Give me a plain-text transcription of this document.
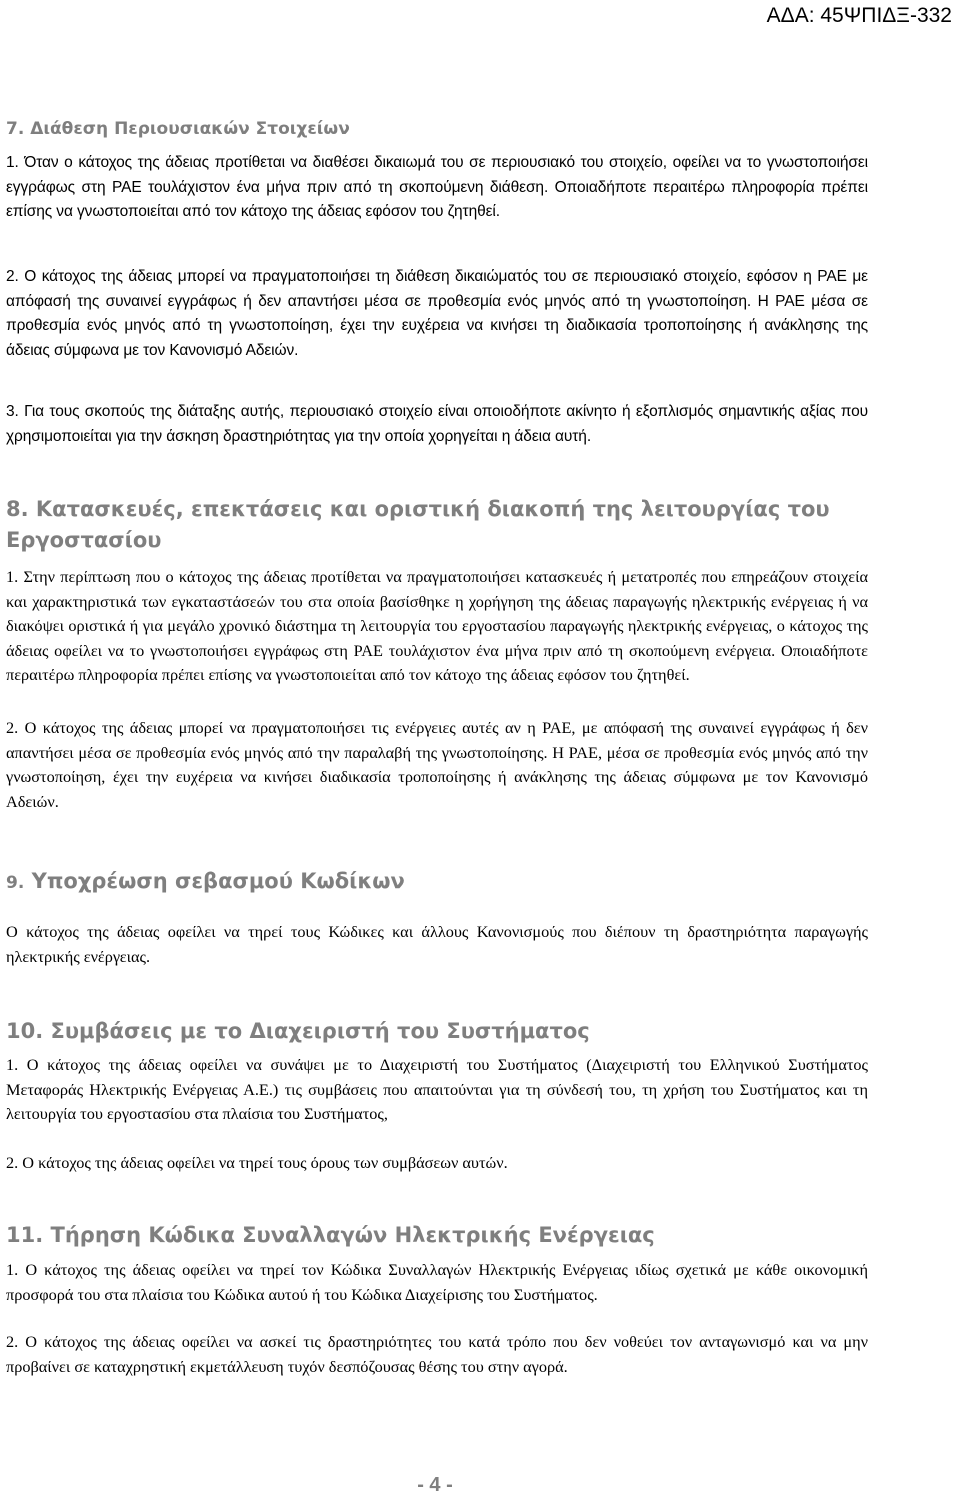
ΑΔΑ: 45ΨΠΙΔΞ-332
7. Διάθεση Περιουσιακών Στοιχείων

1. Όταν ο κάτοχος της άδειας προτίθεται να διαθέσει δικαιωμά του σε περιουσιακό του στοιχείο, οφείλει να το γνωστοποιήσει εγγράφως στη ΡΑΕ τουλάχιστον ένα μήνα πριν από τη σκοπούμενη διάθεση. Οποιαδήποτε περαιτέρω πληροφορία πρέπει επίσης να γνωστοποιείται από τον κάτοχο της άδειας εφόσον του ζητηθεί.

2. Ο κάτοχος της άδειας μπορεί να πραγματοποιήσει τη διάθεση δικαιώματός του σε περιουσιακό στοιχείο, εφόσον η ΡΑΕ με απόφασή της συναινεί εγγράφως ή δεν απαντήσει μέσα σε προθεσμία ενός μηνός από τη γνωστοποίηση. Η ΡΑΕ μέσα σε προθεσμία ενός μηνός από τη γνωστοποίηση, έχει την ευχέρεια να κινήσει τη διαδικασία τροποποίησης ή ανάκλησης της άδειας σύμφωνα με τον Κανονισμό Αδειών.

3. Για τους σκοπούς της διάταξης αυτής, περιουσιακό στοιχείο είναι οποιοδήποτε ακίνητο ή εξοπλισμός σημαντικής αξίας που χρησιμοποιείται για την άσκηση δραστηριότητας για την οποία χορηγείται η άδεια αυτή.

8. Κατασκευές, επεκτάσεις και οριστική διακοπή της λειτουργίας του Εργοστασίου

1. Στην περίπτωση που ο κάτοχος της άδειας προτίθεται να πραγματοποιήσει κατασκευές ή μετατροπές που επηρεάζουν στοιχεία και χαρακτηριστικά των εγκαταστάσεών του στα οποία βασίσθηκε η χορήγηση της άδειας παραγωγής ηλεκτρικής ενέργειας ή να διακόψει οριστικά ή για μεγάλο χρονικό διάστημα τη λειτουργία του εργοστασίου παραγωγής ηλεκτρικής ενέργειας, ο κάτοχος της άδειας οφείλει να το γνωστοποιήσει εγγράφως στη ΡΑΕ τουλάχιστον ένα μήνα πριν από τη σκοπούμενη ενέργεια. Οποιαδήποτε περαιτέρω πληροφορία πρέπει επίσης να γνωστοποιείται από τον κάτοχο της άδειας εφόσον του ζητηθεί.

2. Ο κάτοχος της άδειας μπορεί να πραγματοποιήσει τις ενέργειες αυτές αν η ΡΑΕ, με απόφασή της συναινεί εγγράφως ή δεν απαντήσει μέσα σε προθεσμία ενός μηνός από την παραλαβή της γνωστοποίησης. Η ΡΑΕ, μέσα σε προθεσμία ενός μηνός από την γνωστοποίηση, έχει την ευχέρεια να κινήσει διαδικασία τροποποίησης ή ανάκλησης της άδειας σύμφωνα με τον Κανονισμό Αδειών.

9. Υποχρέωση σεβασμού Κωδίκων

Ο κάτοχος της άδειας οφείλει να τηρεί τους Κώδικες και άλλους Κανονισμούς που διέπουν τη δραστηριότητα παραγωγής ηλεκτρικής ενέργειας.

10. Συμβάσεις με το Διαχειριστή του Συστήματος

1. Ο κάτοχος της άδειας οφείλει να συνάψει με το Διαχειριστή του Συστήματος (Διαχειριστή του Ελληνικού Συστήματος Μεταφοράς Ηλεκτρικής Ενέργειας Α.Ε.) τις συμβάσεις που απαιτούνται για τη σύνδεσή του, τη χρήση του Συστήματος και τη λειτουργία του εργοστασίου στα πλαίσια του Συστήματος,

2. Ο κάτοχος της άδειας οφείλει να τηρεί τους όρους των συμβάσεων αυτών.

11. Τήρηση Κώδικα Συναλλαγών Ηλεκτρικής Ενέργειας

1. Ο κάτοχος της άδειας οφείλει να τηρεί τον Κώδικα Συναλλαγών Ηλεκτρικής Ενέργειας ιδίως σχετικά με κάθε οικονομική προσφορά του στα πλαίσια του Κώδικα αυτού ή του Κώδικα Διαχείρισης του Συστήματος.

2. Ο κάτοχος της άδειας οφείλει να ασκεί τις δραστηριότητες του κατά τρόπο που δεν νοθεύει τον ανταγωνισμό και να μην προβαίνει σε καταχρηστική εκμετάλλευση τυχόν δεσπόζουσας θέσης του στην αγορά.

- 4 -
